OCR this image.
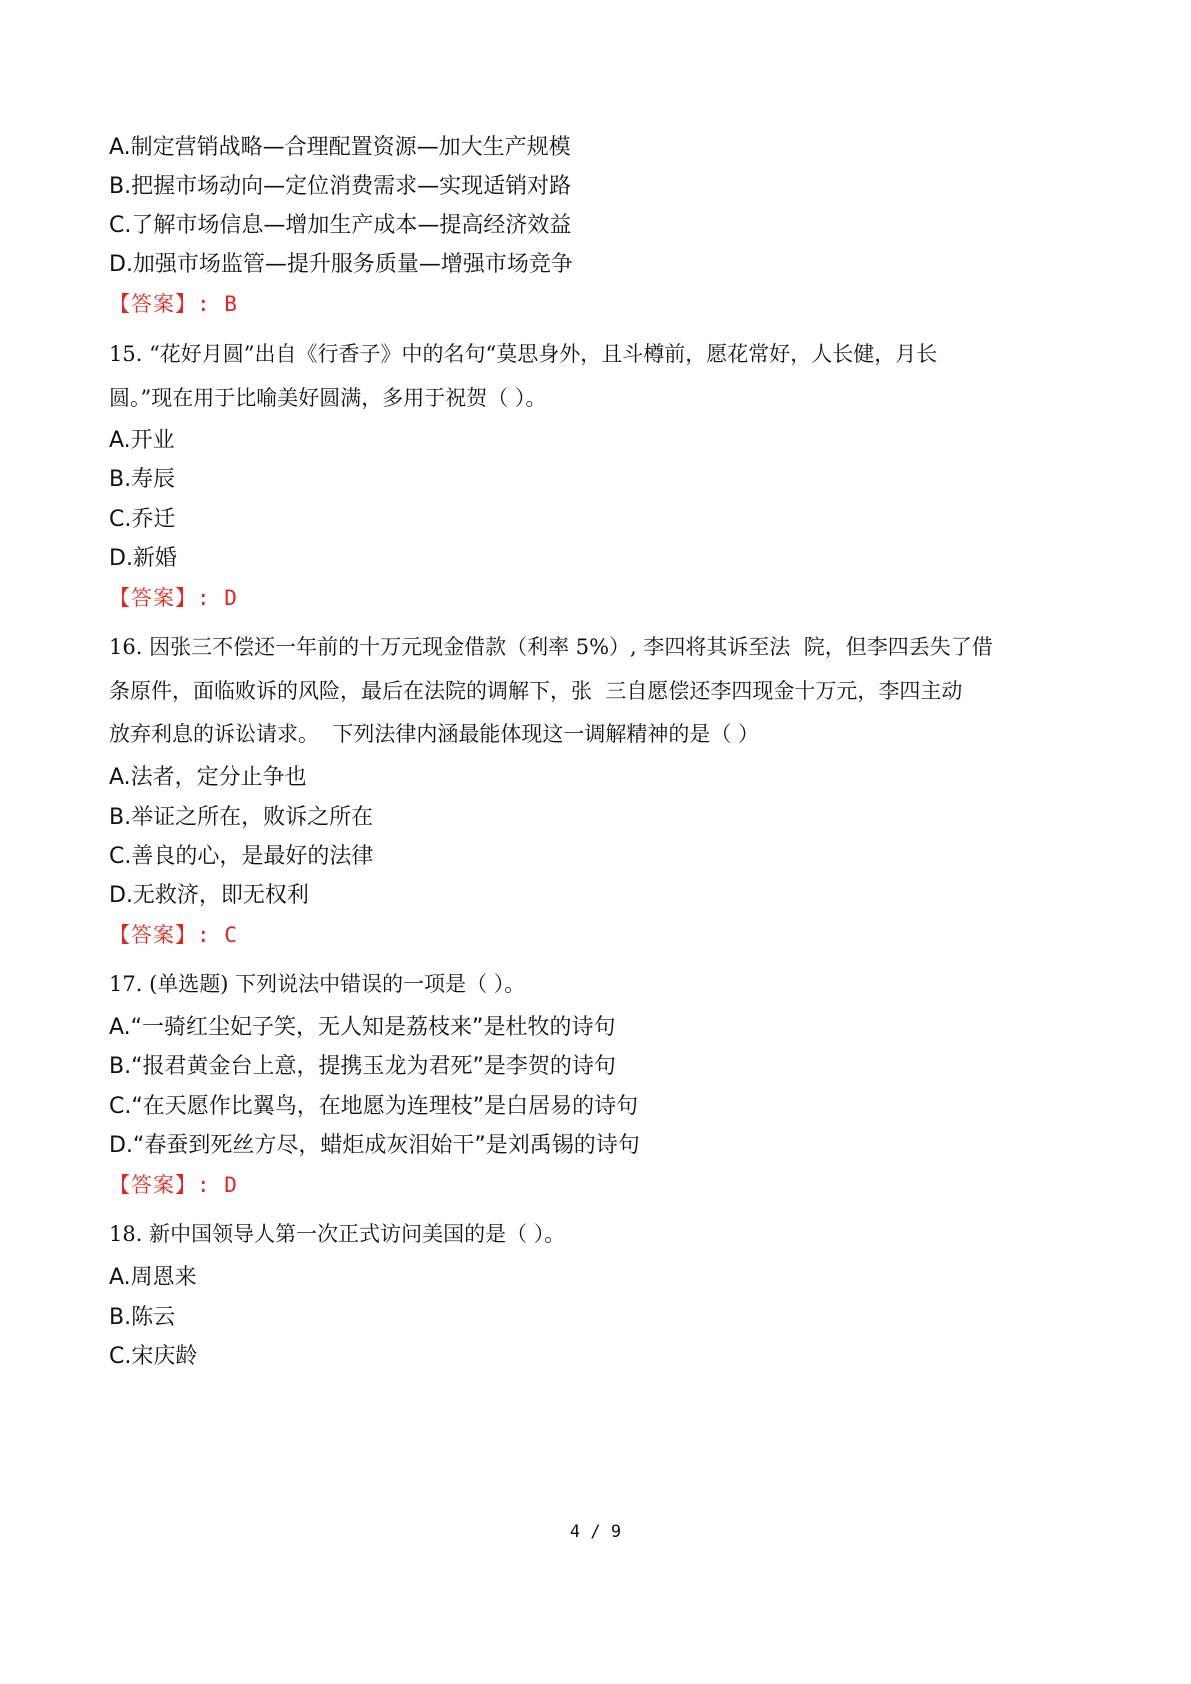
A.制定营销战略—合理配置资源—加大生产规模
B.把握市场动向—定位消费需求—实现适销对路
C.了解市场信息—增加生产成本—提高经济效益
D.加强市场监管—提升服务质量—增强市场竞争
【答案】: B
15. “花好月圆”出自《行香子》中的名句“莫思身外，且斗樽前，愿花常好，人长健，月长
圆。”现在用于比喻美好圆满，多用于祝贺（ ）。
A.开业
B.寿辰
C.乔迁
D.新婚
【答案】: D
16. 因张三不偿还一年前的十万元现金借款（利率 5%）, 李四将其诉至法  院，但李四丢失了借
条原件，面临败诉的风险，最后在法院的调解下，张  三自愿偿还李四现金十万元，李四主动
放弃利息的诉讼请求。  下列法律内涵最能体现这一调解精神的是（ ）
A.法者，定分止争也
B.举证之所在，败诉之所在
C.善良的心，是最好的法律
D.无救济，即无权利
【答案】: C
17. (单选题) 下列说法中错误的一项是（ ）。
A.“一骑红尘妃子笑，无人知是荔枝来”是杜牧的诗句
B.“报君黄金台上意，提携玉龙为君死”是李贺的诗句
C.“在天愿作比翼鸟，在地愿为连理枝”是白居易的诗句
D.“春蚕到死丝方尽，蜡炬成灰泪始干”是刘禹锡的诗句
【答案】: D
18. 新中国领导人第一次正式访问美国的是（ ）。
A.周恩来
B.陈云
C.宋庆龄
4 / 9
